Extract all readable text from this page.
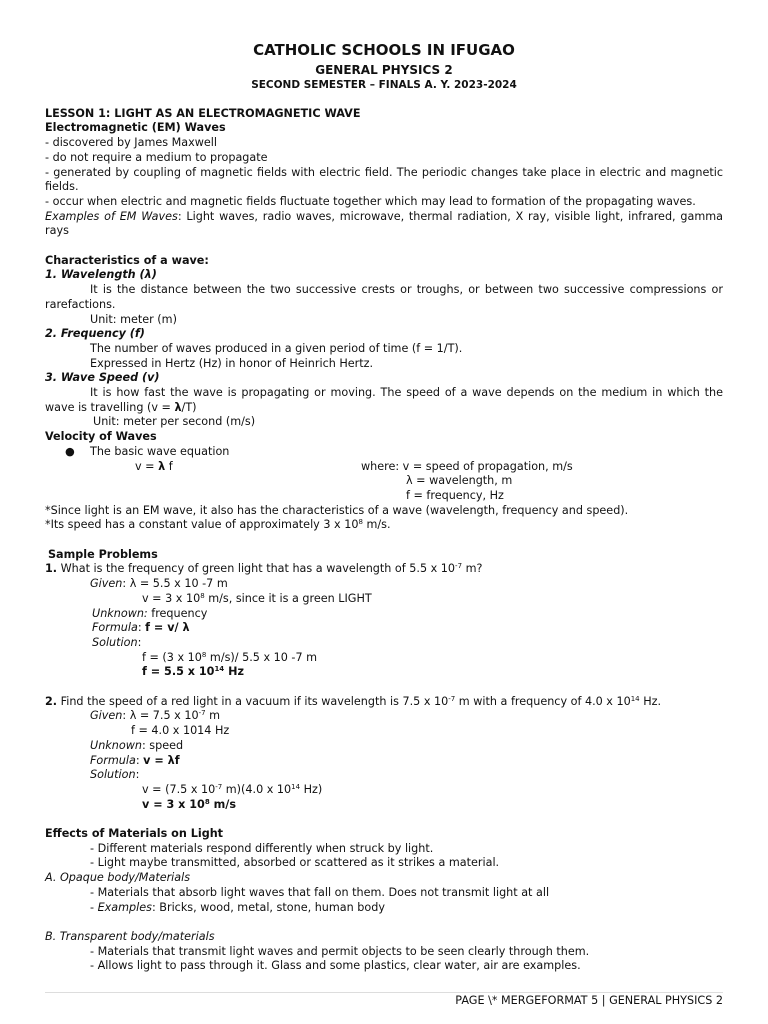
CATHOLIC SCHOOLS IN IFUGAO
GENERAL PHYSICS 2
SECOND SEMESTER – FINALS A. Y. 2023-2024
LESSON 1: LIGHT AS AN ELECTROMAGNETIC WAVE
Electromagnetic (EM) Waves
- discovered by James Maxwell
- do not require a medium to propagate
- generated by coupling of magnetic fields with electric field. The periodic changes take place in electric and magnetic fields.
- occur when electric and magnetic fields fluctuate together which may lead to formation of the propagating waves.
Examples of EM Waves: Light waves, radio waves, microwave, thermal radiation, X ray, visible light, infrared, gamma rays
Characteristics of a wave:
1. Wavelength (λ)
It is the distance between the two successive crests or troughs, or between two successive compressions or rarefactions.
Unit: meter (m)
2. Frequency (f)
The number of waves produced in a given period of time (f = 1/T).
Expressed in Hertz (Hz) in honor of Heinrich Hertz.
3. Wave Speed (v)
It is how fast the wave is propagating or moving. The speed of a wave depends on the medium in which the wave is travelling (v = λ/T)
Unit: meter per second (m/s)
Velocity of Waves
● The basic wave equation
v = λ f	where: v = speed of propagation, m/s
λ = wavelength, m
f = frequency, Hz
*Since light is an EM wave, it also has the characteristics of a wave (wavelength, frequency and speed).
*Its speed has a constant value of approximately 3 x $10^8$ m/s.
Sample Problems
1. What is the frequency of green light that has a wavelength of 5.5 x $10^{-7}$ m?
Given: λ = 5.5 x 10 -7 m
v = 3 x $10^8$ m/s, since it is a green LIGHT
Unknown: frequency
Formula: f = v/ λ
Solution:
f = (3 x $10^8$ m/s)/ 5.5 x 10 -7 m
f = 5.5 x $10^{14}$ Hz
2. Find the speed of a red light in a vacuum if its wavelength is 7.5 x $10^{-7}$ m with a frequency of 4.0 x $10^{14}$ Hz.
Given: λ = 7.5 x $10^{-7}$ m
f = 4.0 x 1014 Hz
Unknown: speed
Formula: v = λf
Solution:
v = (7.5 x $10^{-7}$ m)(4.0 x $10^{14}$ Hz)
v = 3 x $10^8$ m/s
Effects of Materials on Light
- Different materials respond differently when struck by light.
- Light maybe transmitted, absorbed or scattered as it strikes a material.
A. Opaque body/Materials
- Materials that absorb light waves that fall on them. Does not transmit light at all
- Examples: Bricks, wood, metal, stone, human body
B. Transparent body/materials
- Materials that transmit light waves and permit objects to be seen clearly through them.
- Allows light to pass through it. Glass and some plastics, clear water, air are examples.
PAGE \* MERGEFORMAT 5 | GENERAL PHYSICS 2
